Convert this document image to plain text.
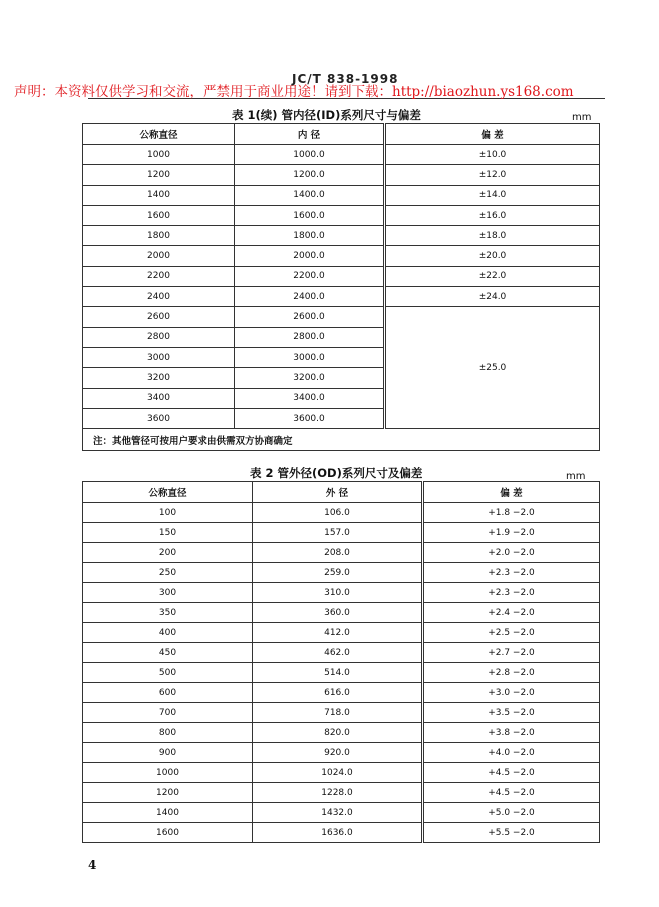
JC/T 838-1998
声明：本资料仅供学习和交流，严禁用于商业用途！请到下载：http://biaozhun.ys168.com
表 1(续) 管内径(ID)系列尺寸与偏差	mm
公称直径	内 径	偏 差
1000	1000.0	±10.0
1200	1200.0	±12.0
1400	1400.0	±14.0
1600	1600.0	±16.0
1800	1800.0	±18.0
2000	2000.0	±20.0
2200	2200.0	±22.0
2400	2400.0	±24.0
2600	2600.0	±25.0
2800	2800.0	
3000	3000.0	
3200	3200.0	
3400	3400.0	
3600	3600.0	
注：其他管径可按用户要求由供需双方协商确定		
表 2 管外径(OD)系列尺寸及偏差	mm
公称直径	外 径	偏 差
100	106.0	+1.8 −2.0
150	157.0	+1.9 −2.0
200	208.0	+2.0 −2.0
250	259.0	+2.3 −2.0
300	310.0	+2.3 −2.0
350	360.0	+2.4 −2.0
400	412.0	+2.5 −2.0
450	462.0	+2.7 −2.0
500	514.0	+2.8 −2.0
600	616.0	+3.0 −2.0
700	718.0	+3.5 −2.0
800	820.0	+3.8 −2.0
900	920.0	+4.0 −2.0
1000	1024.0	+4.5 −2.0
1200	1228.0	+4.5 −2.0
1400	1432.0	+5.0 −2.0
1600	1636.0	+5.5 −2.0
4
